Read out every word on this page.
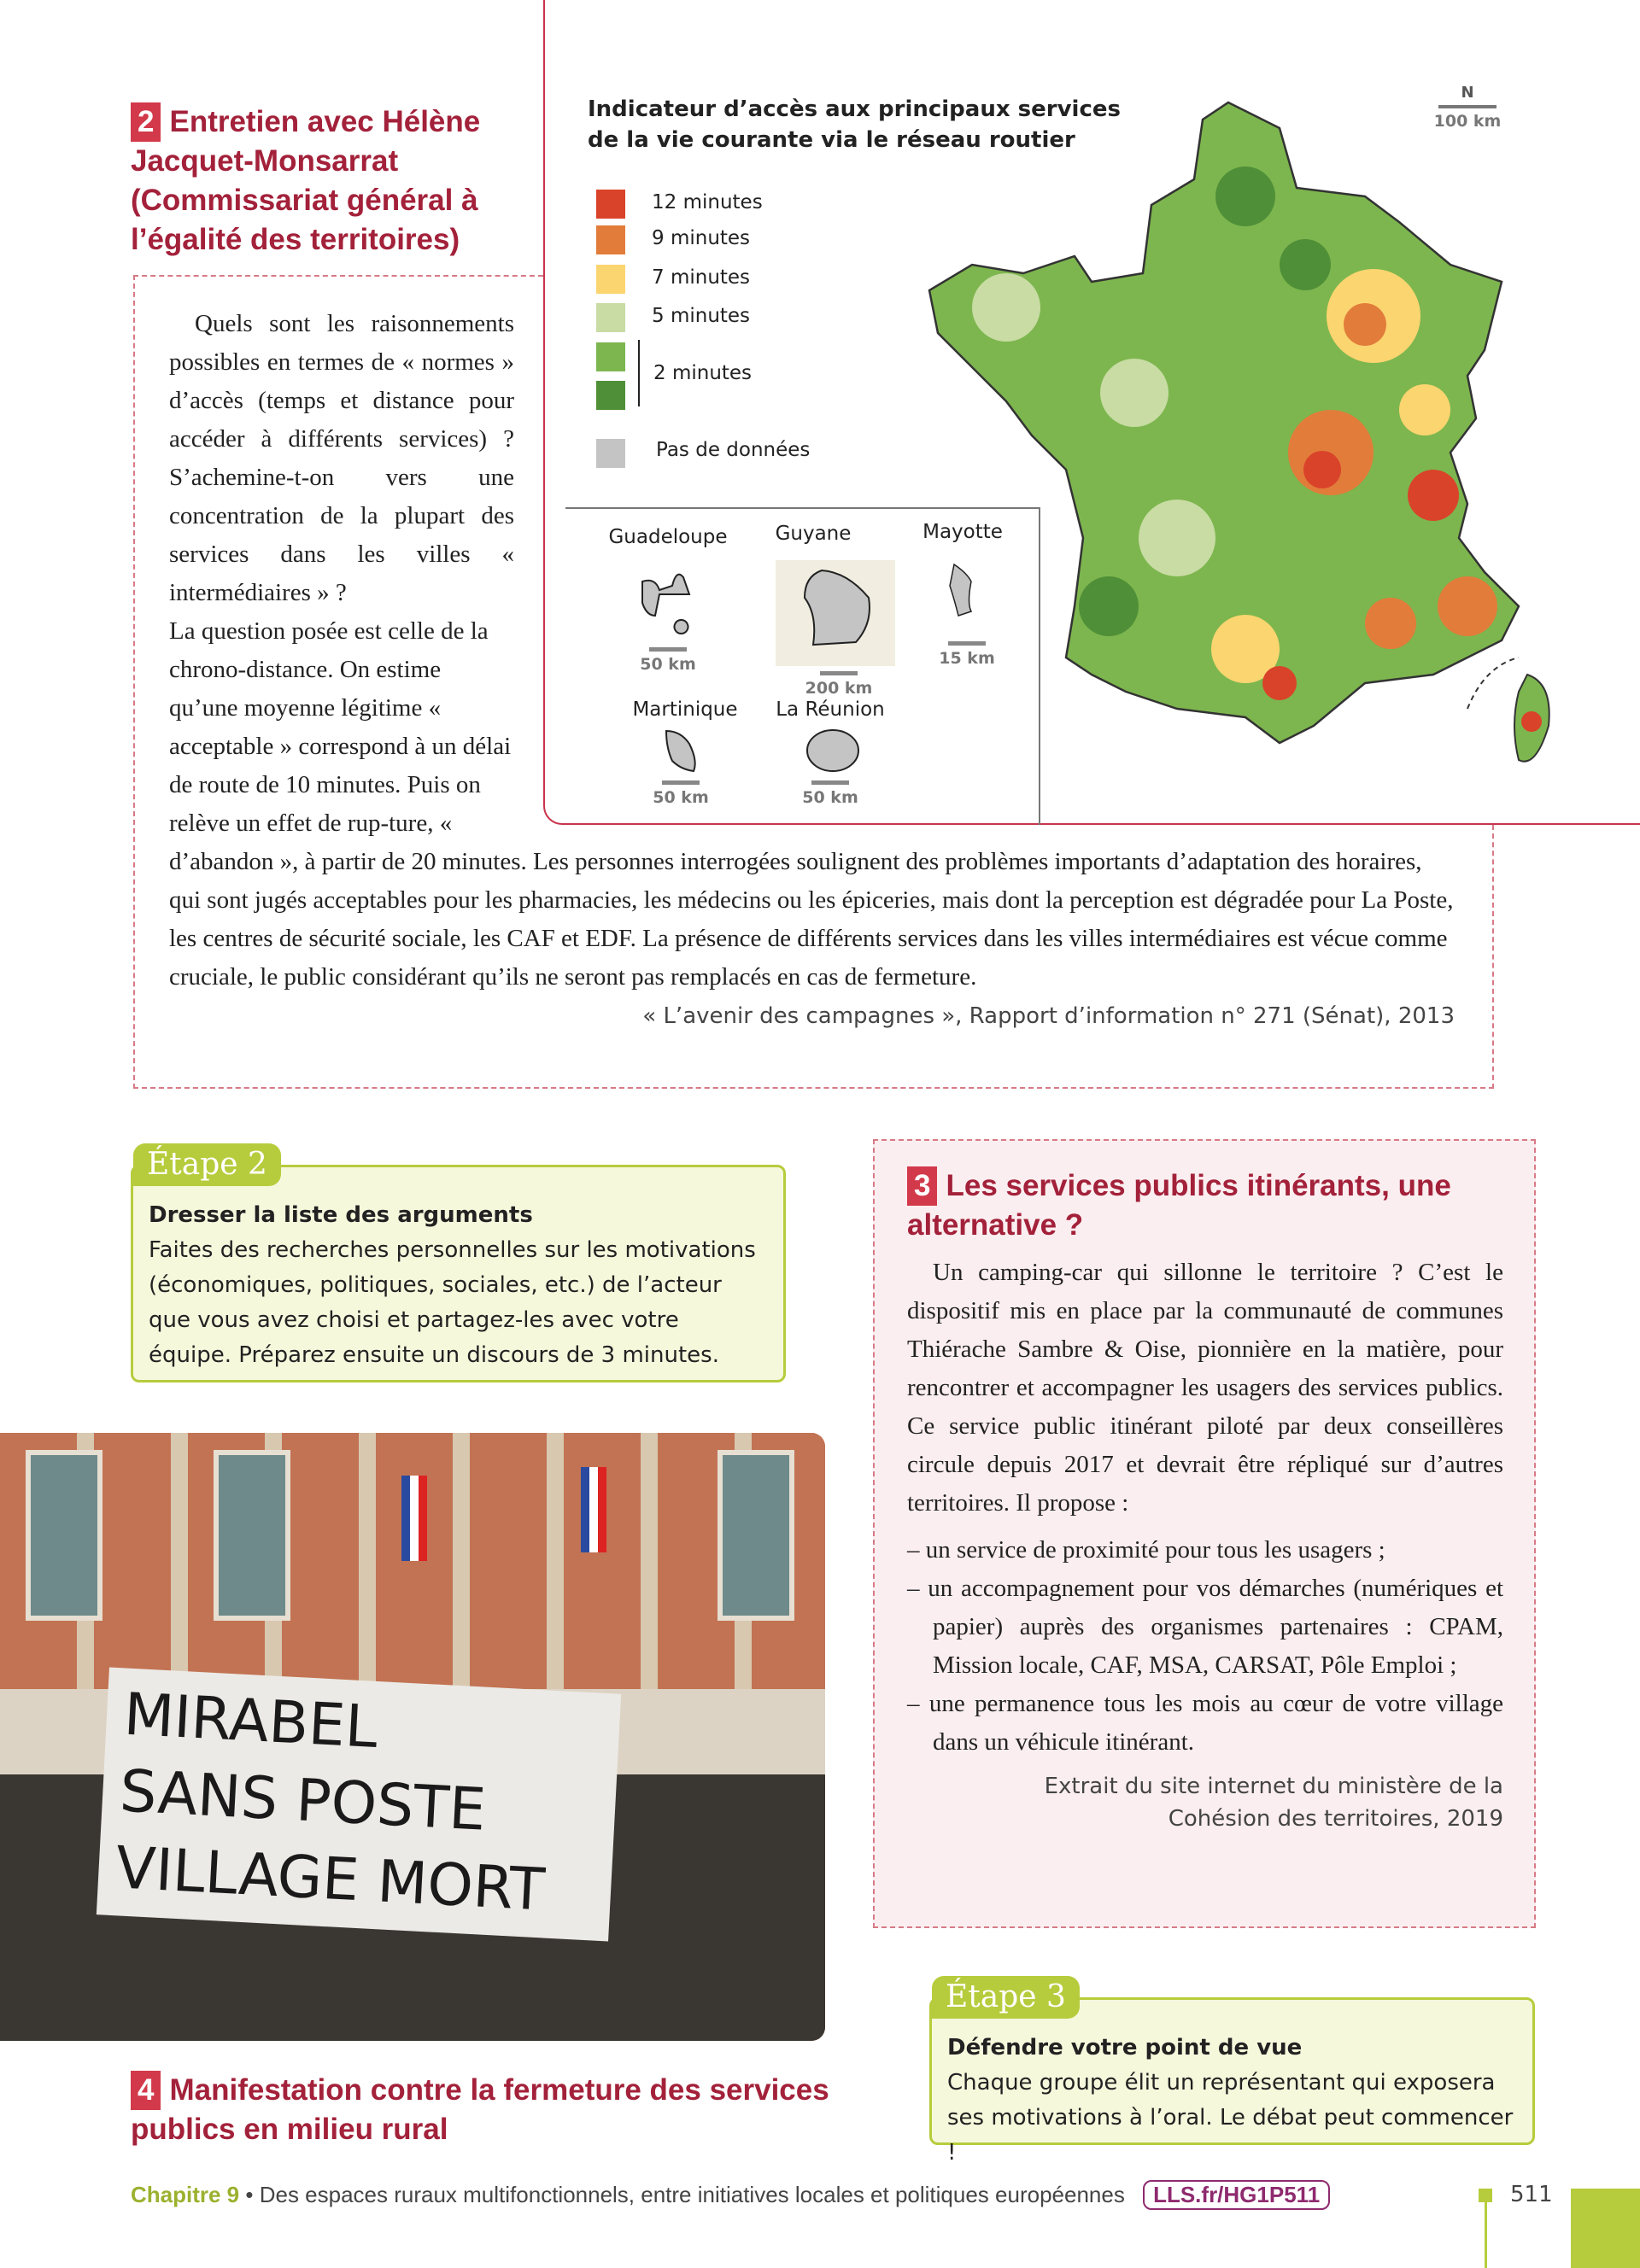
Indicateur d’accès aux principaux services
de la vie courante via le réseau routier
12 minutes
9 minutes
7 minutes
5 minutes
2 minutes
Pas de données
Guadeloupe
50 km
Guyane
200 km
Mayotte
15 km
Martinique
50 km
La Réunion
50 km
N
100 km
2 Entretien avec Hélène Jacquet-Monsarrat (Commissariat général à l’égalité des territoires)
Quels sont les raisonnements possibles en termes de « normes » d’accès (temps et distance pour accéder à différents services) ? S’achemine-t-on vers une concentration de la plupart des services dans les villes « intermédiaires » ?
La question posée est celle de la chrono-distance. On estime qu’une moyenne légitime « acceptable » correspond à un délai de route de 10 minutes. Puis on relève un effet de rup-ture, « d’abandon », à partir de 20 minutes. Les personnes interrogées soulignent des problèmes importants d’adaptation des horaires, qui sont jugés acceptables pour les pharmacies, les médecins ou les épiceries, mais dont la perception est dégradée pour La Poste, les centres de sécurité sociale, les CAF et EDF. La présence de différents services dans les villes intermédiaires est vécue comme cruciale, le public considérant qu’ils ne seront pas remplacés en cas de fermeture.
« L’avenir des campagnes », Rapport d’information n° 271 (Sénat), 2013
Étape 2
Dresser la liste des arguments
Faites des recherches personnelles sur les motivations (économiques, politiques, sociales, etc.) de l’acteur que vous avez choisi et partagez-les avec votre équipe. Préparez ensuite un discours de 3 minutes.
MIRABEL
SANS POSTE
VILLAGE MORT
4 Manifestation contre la fermeture des services publics en milieu rural
3 Les services publics itinérants, une alternative ?
Un camping-car qui sillonne le territoire ? C’est le dispositif mis en place par la communauté de communes Thiérache Sambre & Oise, pionnière en la matière, pour rencontrer et accompagner les usagers des services publics. Ce service public itinérant piloté par deux conseillères circule depuis 2017 et devrait être répliqué sur d’autres territoires. Il propose :
– un service de proximité pour tous les usagers ;
– un accompagnement pour vos démarches (numériques et papier) auprès des organismes partenaires : CPAM, Mission locale, CAF, MSA, CARSAT, Pôle Emploi ;
– une permanence tous les mois au cœur de votre village dans un véhicule itinérant.
Extrait du site internet du ministère de la Cohésion des territoires, 2019
Étape 3
Défendre votre point de vue
Chaque groupe élit un représentant qui exposera ses motivations à l’oral. Le débat peut commencer !
Chapitre 9 • Des espaces ruraux multifonctionnels, entre initiatives locales et politiques européennes LLS.fr/HG1P511	511
